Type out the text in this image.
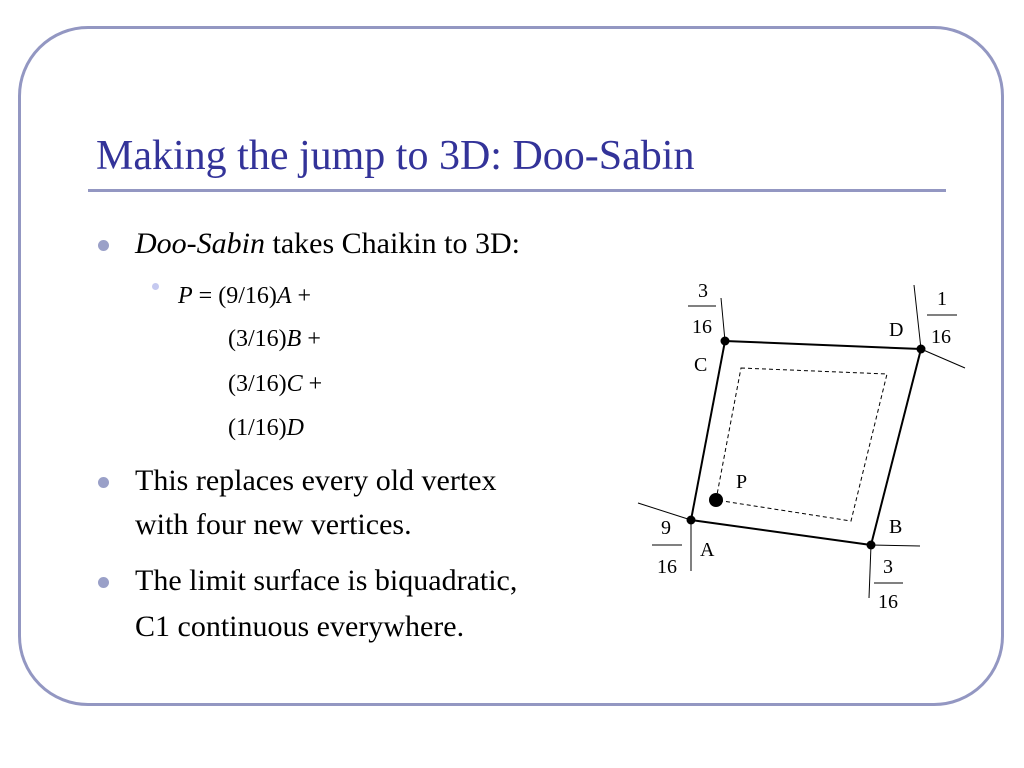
Making the jump to 3D: Doo-Sabin
Doo-Sabin takes Chaikin to 3D:
P = (9/16)A +
(3/16)B +
(3/16)C +
(1/16)D
This replaces every old vertex
with four new vertices.
The limit surface is biquadratic,
C1 continuous everywhere.
P
A
B
C
D
3
16
1
16
9
16	3
16
